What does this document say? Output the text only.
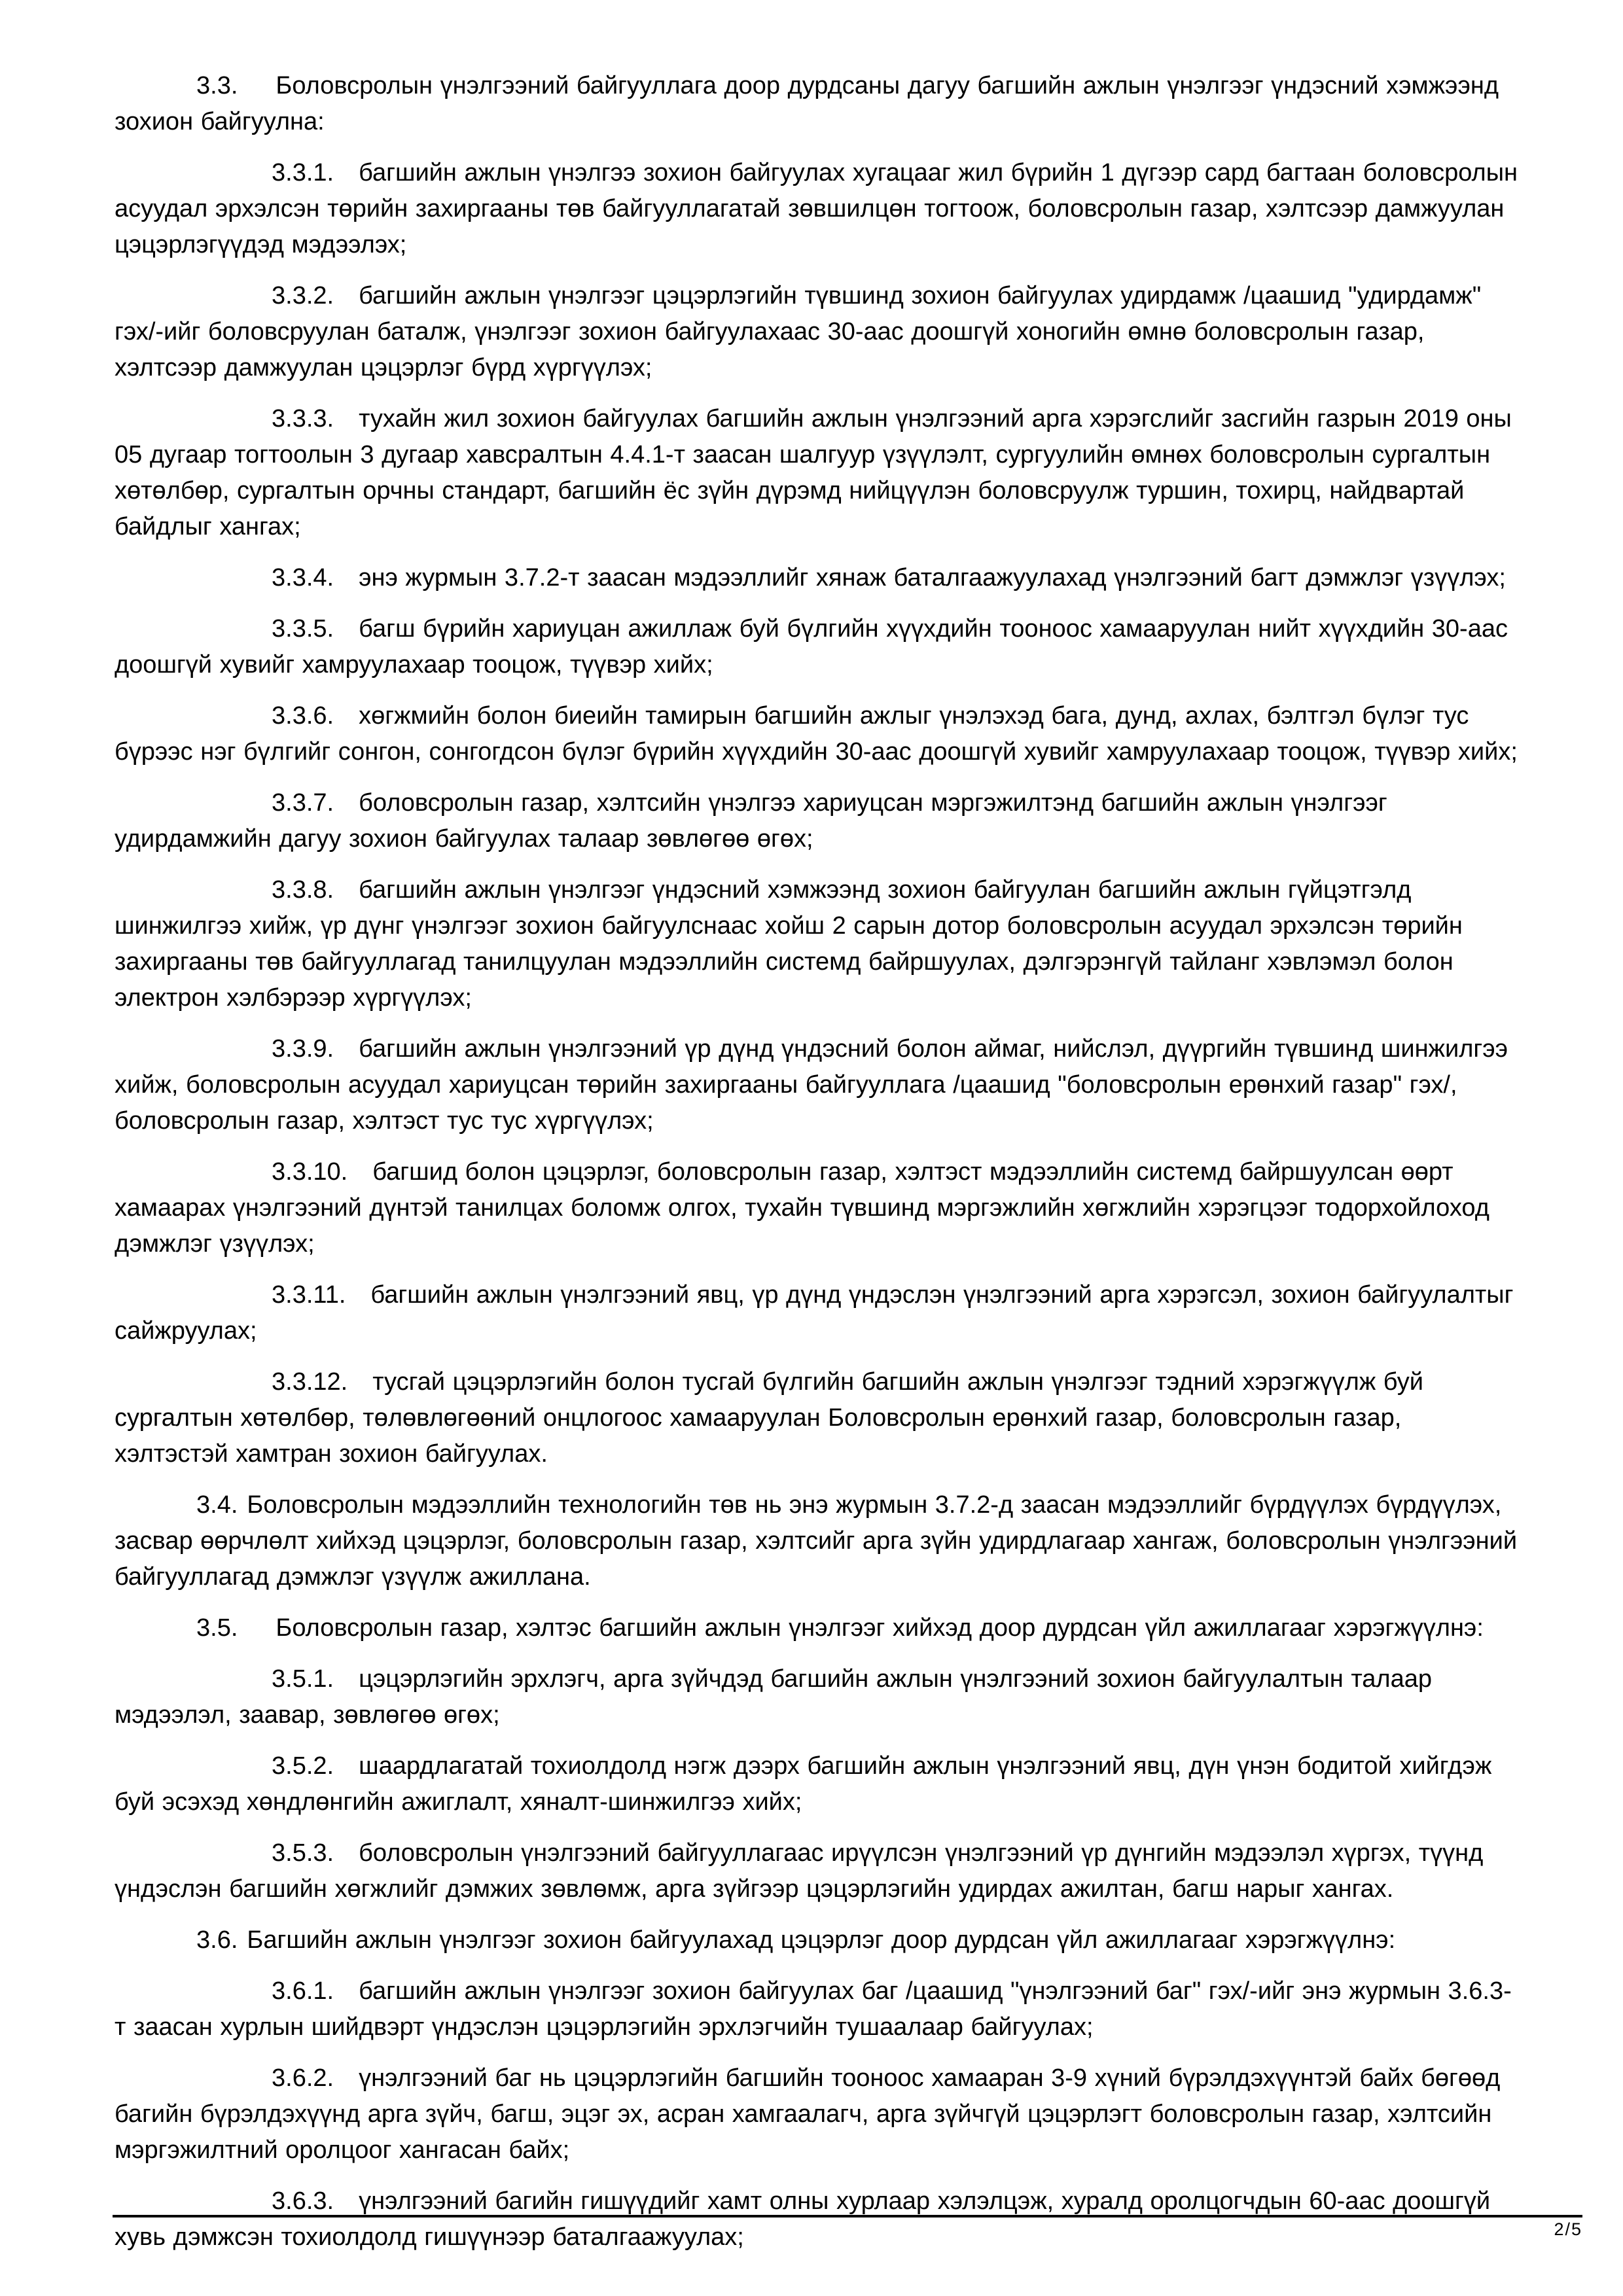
3.3. Боловсролын үнэлгээний байгууллага доор дурдсаны дагуу багшийн ажлын үнэлгээг үндэсний хэмжээнд зохион байгуулна:

3.3.1. багшийн ажлын үнэлгээ зохион байгуулах хугацааг жил бүрийн 1 дүгээр сард багтаан боловсролын асуудал эрхэлсэн төрийн захиргааны төв байгууллагатай зөвшилцөн тогтоож, боловсролын газар, хэлтсээр дамжуулан цэцэрлэгүүдэд мэдээлэх;

3.3.2. багшийн ажлын үнэлгээг цэцэрлэгийн түвшинд зохион байгуулах удирдамж /цаашид "удирдамж" гэх/-ийг боловсруулан баталж, үнэлгээг зохион байгуулахаас 30-аас доошгүй хоногийн өмнө боловсролын газар, хэлтсээр дамжуулан цэцэрлэг бүрд хүргүүлэх;

3.3.3. тухайн жил зохион байгуулах багшийн ажлын үнэлгээний арга хэрэгслийг засгийн газрын 2019 оны 05 дугаар тогтоолын 3 дугаар хавсралтын 4.4.1-т заасан шалгуур үзүүлэлт, сургуулийн өмнөх боловсролын сургалтын хөтөлбөр, сургалтын орчны стандарт, багшийн ёс зүйн дүрэмд нийцүүлэн боловсруулж туршин, тохирц, найдвартай байдлыг хангах;

3.3.4. энэ журмын 3.7.2-т заасан мэдээллийг хянаж баталгаажуулахад үнэлгээний багт дэмжлэг үзүүлэх;

3.3.5. багш бүрийн хариуцан ажиллаж буй бүлгийн хүүхдийн тооноос хамааруулан нийт хүүхдийн 30-аас доошгүй хувийг хамруулахаар тооцож, түүвэр хийх;

3.3.6. хөгжмийн болон биеийн тамирын багшийн ажлыг үнэлэхэд бага, дунд, ахлах, бэлтгэл бүлэг тус бүрээс нэг бүлгийг сонгон, сонгогдсон бүлэг бүрийн хүүхдийн 30-аас доошгүй хувийг хамруулахаар тооцож, түүвэр хийх;

3.3.7. боловсролын газар, хэлтсийн үнэлгээ хариуцсан мэргэжилтэнд багшийн ажлын үнэлгээг удирдамжийн дагуу зохион байгуулах талаар зөвлөгөө өгөх;

3.3.8. багшийн ажлын үнэлгээг үндэсний хэмжээнд зохион байгуулан багшийн ажлын гүйцэтгэлд шинжилгээ хийж, үр дүнг үнэлгээг зохион байгуулснаас хойш 2 сарын дотор боловсролын асуудал эрхэлсэн төрийн захиргааны төв байгууллагад танилцуулан мэдээллийн системд байршуулах, дэлгэрэнгүй тайланг хэвлэмэл болон электрон хэлбэрээр хүргүүлэх;

3.3.9. багшийн ажлын үнэлгээний үр дүнд үндэсний болон аймаг, нийслэл, дүүргийн түвшинд шинжилгээ хийж, боловсролын асуудал хариуцсан төрийн захиргааны байгууллага /цаашид "боловсролын ерөнхий газар" гэх/, боловсролын газар, хэлтэст тус тус хүргүүлэх;

3.3.10. багшид болон цэцэрлэг, боловсролын газар, хэлтэст мэдээллийн системд байршуулсан өөрт хамаарах үнэлгээний дүнтэй танилцах боломж олгох, тухайн түвшинд мэргэжлийн хөгжлийн хэрэгцээг тодорхойлоход дэмжлэг үзүүлэх;

3.3.11. багшийн ажлын үнэлгээний явц, үр дүнд үндэслэн үнэлгээний арга хэрэгсэл, зохион байгуулалтыг сайжруулах;

3.3.12. тусгай цэцэрлэгийн болон тусгай бүлгийн багшийн ажлын үнэлгээг тэдний хэрэгжүүлж буй сургалтын хөтөлбөр, төлөвлөгөөний онцлогоос хамааруулан Боловсролын ерөнхий газар, боловсролын газар, хэлтэстэй хамтран зохион байгуулах.

3.4. Боловсролын мэдээллийн технологийн төв нь энэ журмын 3.7.2-д заасан мэдээллийг бүрдүүлэх бүрдүүлэх, засвар өөрчлөлт хийхэд цэцэрлэг, боловсролын газар, хэлтсийг арга зүйн удирдлагаар хангаж, боловсролын үнэлгээний байгууллагад дэмжлэг үзүүлж ажиллана.

3.5. Боловсролын газар, хэлтэс багшийн ажлын үнэлгээг хийхэд доор дурдсан үйл ажиллагааг хэрэгжүүлнэ:

3.5.1. цэцэрлэгийн эрхлэгч, арга зүйчдэд багшийн ажлын үнэлгээний зохион байгуулалтын талаар мэдээлэл, заавар, зөвлөгөө өгөх;

3.5.2. шаардлагатай тохиолдолд нэгж дээрх багшийн ажлын үнэлгээний явц, дүн үнэн бодитой хийгдэж буй эсэхэд хөндлөнгийн ажиглалт, хяналт-шинжилгээ хийх;

3.5.3. боловсролын үнэлгээний байгууллагаас ирүүлсэн үнэлгээний үр дүнгийн мэдээлэл хүргэх, түүнд үндэслэн багшийн хөгжлийг дэмжих зөвлөмж, арга зүйгээр цэцэрлэгийн удирдах ажилтан, багш нарыг хангах.

3.6. Багшийн ажлын үнэлгээг зохион байгуулахад цэцэрлэг доор дурдсан үйл ажиллагааг хэрэгжүүлнэ:

3.6.1. багшийн ажлын үнэлгээг зохион байгуулах баг /цаашид "үнэлгээний баг" гэх/-ийг энэ журмын 3.6.3-т заасан хурлын шийдвэрт үндэслэн цэцэрлэгийн эрхлэгчийн тушаалаар байгуулах;

3.6.2. үнэлгээний баг нь цэцэрлэгийн багшийн тооноос хамааран 3-9 хүний бүрэлдэхүүнтэй байх бөгөөд багийн бүрэлдэхүүнд арга зүйч, багш, эцэг эх, асран хамгаалагч, арга зүйчгүй цэцэрлэгт боловсролын газар, хэлтсийн мэргэжилтний оролцоог хангасан байх;

3.6.3. үнэлгээний багийн гишүүдийг хамт олны хурлаар хэлэлцэж, хуралд оролцогчдын 60-аас доошгүй хувь дэмжсэн тохиолдолд гишүүнээр баталгаажуулах;	2/5
